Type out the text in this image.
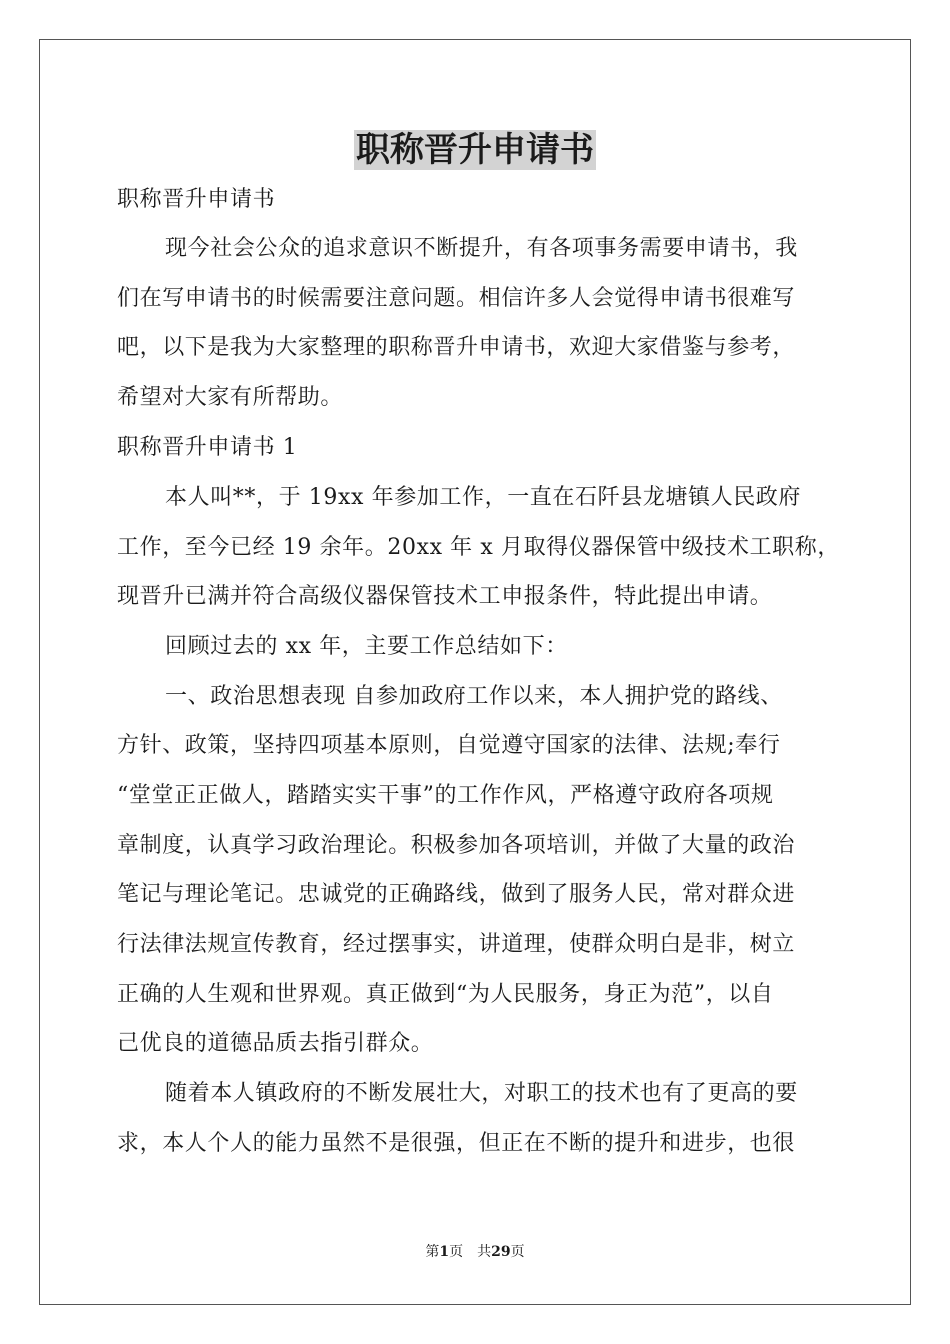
职称晋升申请书

职称晋升申请书

现今社会公众的追求意识不断提升，有各项事务需要申请书，我

们在写申请书的时候需要注意问题。相信许多人会觉得申请书很难写

吧，以下是我为大家整理的职称晋升申请书，欢迎大家借鉴与参考，

希望对大家有所帮助。

职称晋升申请书 1

本人叫**，于 19xx 年参加工作，一直在石阡县龙塘镇人民政府

工作，至今已经 19 余年。20xx 年 x 月取得仪器保管中级技术工职称，

现晋升已满并符合高级仪器保管技术工申报条件，特此提出申请。

回顾过去的 xx 年，主要工作总结如下：

一、政治思想表现 自参加政府工作以来，本人拥护党的路线、

方针、政策，坚持四项基本原则，自觉遵守国家的法律、法规;奉行

“堂堂正正做人，踏踏实实干事”的工作作风，严格遵守政府各项规

章制度，认真学习政治理论。积极参加各项培训，并做了大量的政治

笔记与理论笔记。忠诚党的正确路线，做到了服务人民，常对群众进

行法律法规宣传教育，经过摆事实，讲道理，使群众明白是非，树立

正确的人生观和世界观。真正做到“为人民服务，身正为范”，以自

己优良的道德品质去指引群众。

随着本人镇政府的不断发展壮大，对职工的技术也有了更高的要

求，本人个人的能力虽然不是很强，但正在不断的提升和进步，也很

第1页　共29页
